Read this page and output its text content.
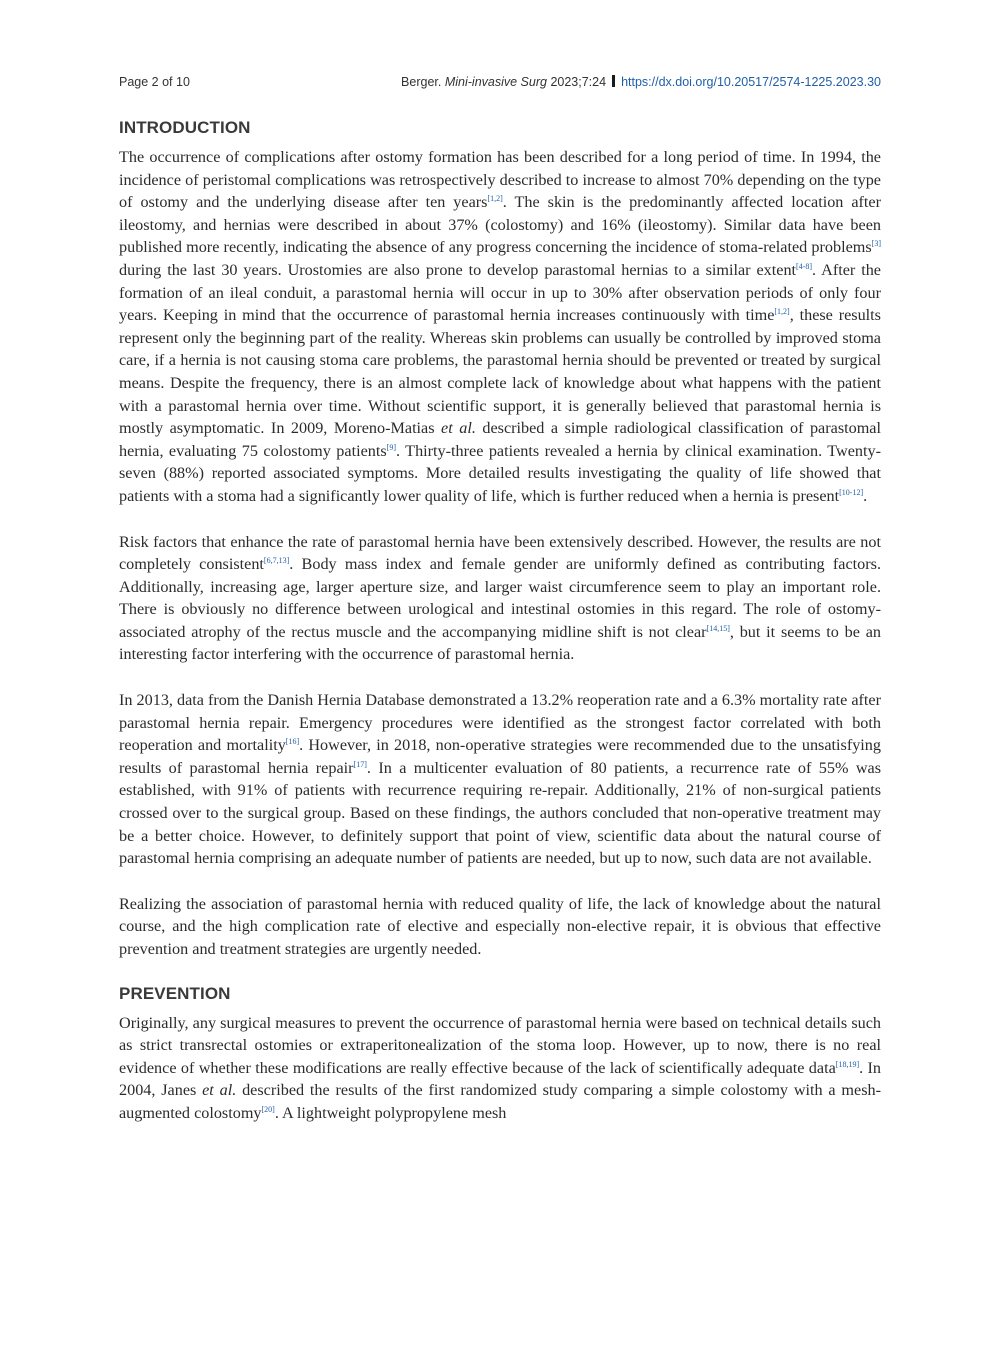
Page 2 of 10	Berger. Mini-invasive Surg 2023;7:24 https://dx.doi.org/10.20517/2574-1225.2023.30
INTRODUCTION

The occurrence of complications after ostomy formation has been described for a long period of time. In 1994, the incidence of peristomal complications was retrospectively described to increase to almost 70% depending on the type of ostomy and the underlying disease after ten years[1,2]. The skin is the predominantly affected location after ileostomy, and hernias were described in about 37% (colostomy) and 16% (ileostomy). Similar data have been published more recently, indicating the absence of any progress concerning the incidence of stoma-related problems[3] during the last 30 years. Urostomies are also prone to develop parastomal hernias to a similar extent[4-8]. After the formation of an ileal conduit, a parastomal hernia will occur in up to 30% after observation periods of only four years. Keeping in mind that the occurrence of parastomal hernia increases continuously with time[1,2], these results represent only the beginning part of the reality. Whereas skin problems can usually be controlled by improved stoma care, if a hernia is not causing stoma care problems, the parastomal hernia should be prevented or treated by surgical means. Despite the frequency, there is an almost complete lack of knowledge about what happens with the patient with a parastomal hernia over time. Without scientific support, it is generally believed that parastomal hernia is mostly asymptomatic. In 2009, Moreno-Matias et al. described a simple radiological classification of parastomal hernia, evaluating 75 colostomy patients[9]. Thirty-three patients revealed a hernia by clinical examination. Twenty-seven (88%) reported associated symptoms. More detailed results investigating the quality of life showed that patients with a stoma had a significantly lower quality of life, which is further reduced when a hernia is present[10-12].

Risk factors that enhance the rate of parastomal hernia have been extensively described. However, the results are not completely consistent[6,7,13]. Body mass index and female gender are uniformly defined as contributing factors. Additionally, increasing age, larger aperture size, and larger waist circumference seem to play an important role. There is obviously no difference between urological and intestinal ostomies in this regard. The role of ostomy-associated atrophy of the rectus muscle and the accompanying midline shift is not clear[14,15], but it seems to be an interesting factor interfering with the occurrence of parastomal hernia.

In 2013, data from the Danish Hernia Database demonstrated a 13.2% reoperation rate and a 6.3% mortality rate after parastomal hernia repair. Emergency procedures were identified as the strongest factor correlated with both reoperation and mortality[16]. However, in 2018, non-operative strategies were recommended due to the unsatisfying results of parastomal hernia repair[17]. In a multicenter evaluation of 80 patients, a recurrence rate of 55% was established, with 91% of patients with recurrence requiring re-repair. Additionally, 21% of non-surgical patients crossed over to the surgical group. Based on these findings, the authors concluded that non-operative treatment may be a better choice. However, to definitely support that point of view, scientific data about the natural course of parastomal hernia comprising an adequate number of patients are needed, but up to now, such data are not available.

Realizing the association of parastomal hernia with reduced quality of life, the lack of knowledge about the natural course, and the high complication rate of elective and especially non-elective repair, it is obvious that effective prevention and treatment strategies are urgently needed.

PREVENTION

Originally, any surgical measures to prevent the occurrence of parastomal hernia were based on technical details such as strict transrectal ostomies or extraperitonealization of the stoma loop. However, up to now, there is no real evidence of whether these modifications are really effective because of the lack of scientifically adequate data[18,19]. In 2004, Janes et al. described the results of the first randomized study comparing a simple colostomy with a mesh-augmented colostomy[20]. A lightweight polypropylene mesh
